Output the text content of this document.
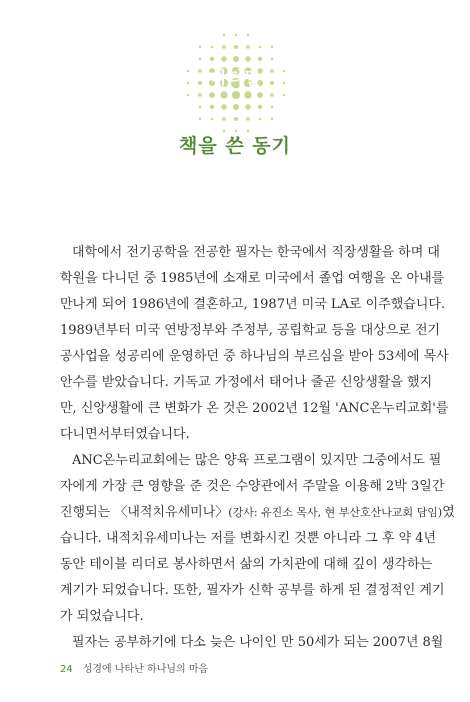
머리말
책을 쓴 동기
대학에서 전기공학을 전공한 필자는 한국에서 직장생활을 하며 대
학원을 다니던 중 1985년에 소재로 미국에서 졸업 여행을 온 아내를
만나게 되어 1986년에 결혼하고, 1987년 미국 LA로 이주했습니다.
1989년부터 미국 연방정부와 주정부, 공립학교 등을 대상으로 전기
공사업을 성공리에 운영하던 중 하나님의 부르심을 받아 53세에 목사
안수를 받았습니다. 기독교 가정에서 태어나 줄곧 신앙생활을 했지
만, 신앙생활에 큰 변화가 온 것은 2002년 12월 'ANC온누리교회'를
다니면서부터였습니다.
ANC온누리교회에는 많은 양육 프로그램이 있지만 그중에서도 필
자에게 가장 큰 영향을 준 것은 수양관에서 주말을 이용해 2박 3일간
진행되는 〈내적치유세미나〉(강사: 유진소 목사, 현 부산호산나교회 담임)였
습니다. 내적치유세미나는 저를 변화시킨 것뿐 아니라 그 후 약 4년
동안 테이블 리더로 봉사하면서 삶의 가치관에 대해 깊이 생각하는
계기가 되었습니다. 또한, 필자가 신학 공부를 하게 된 결정적인 계기
가 되었습니다.
필자는 공부하기에 다소 늦은 나이인 만 50세가 되는 2007년 8월
24 성경에 나타난 하나님의 마음
